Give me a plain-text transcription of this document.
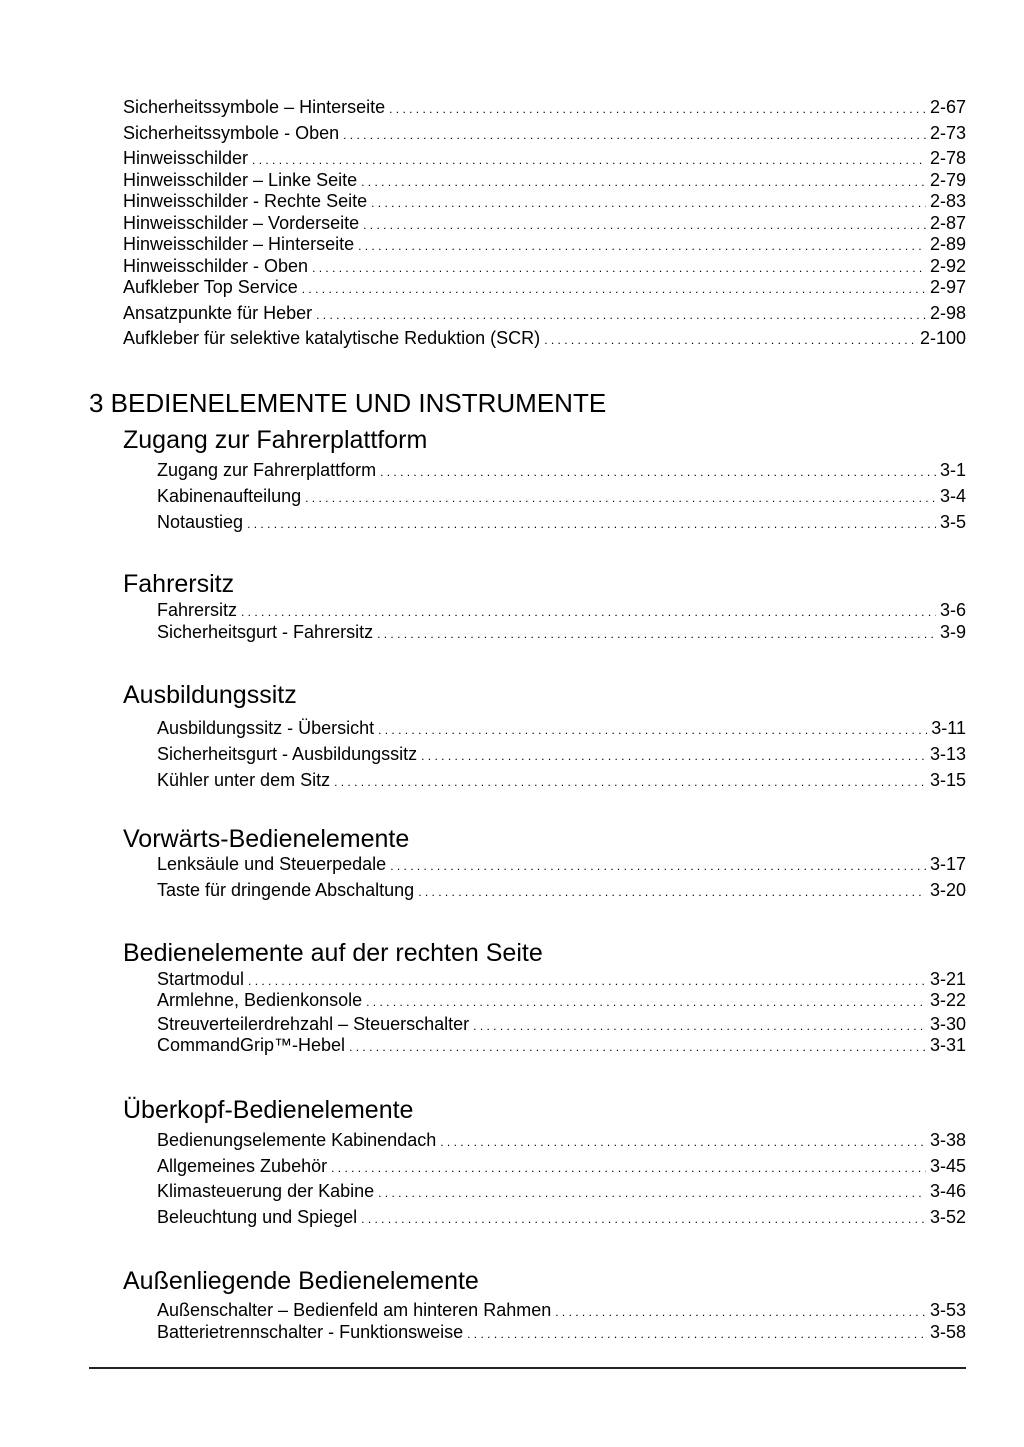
Sicherheitssymbole – Hinterseite . . .	2-67
Sicherheitssymbole - Oben . . .	2-73
Hinweisschilder . . .	2-78
Hinweisschilder – Linke Seite . . .	2-79
Hinweisschilder - Rechte Seite . . .	2-83
Hinweisschilder – Vorderseite . . .	2-87
Hinweisschilder – Hinterseite . . .	2-89
Hinweisschilder - Oben . . .	2-92
Aufkleber Top Service . . .	2-97
Ansatzpunkte für Heber . . .	2-98
Aufkleber für selektive katalytische Reduktion (SCR) . . .	2-100
3 BEDIENELEMENTE UND INSTRUMENTE
Zugang zur Fahrerplattform
Zugang zur Fahrerplattform . . .	3-1
Kabinenaufteilung . . .	3-4
Notaustieg . . .	3-5
Fahrersitz
Fahrersitz . . .	3-6
Sicherheitsgurt - Fahrersitz . . .	3-9
Ausbildungssitz
Ausbildungssitz - Übersicht . . .	3-11
Sicherheitsgurt - Ausbildungssitz . . .	3-13
Kühler unter dem Sitz . . .	3-15
Vorwärts-Bedienelemente
Lenksäule und Steuerpedale . . .	3-17
Taste für dringende Abschaltung . . .	3-20
Bedienelemente auf der rechten Seite
Startmodul . . .	3-21
Armlehne, Bedienkonsole . . .	3-22
Streuverteilerdrehzahl – Steuerschalter . . .	3-30
CommandGrip™-Hebel . . .	3-31
Überkopf-Bedienelemente
Bedienungselemente Kabinendach . . .	3-38
Allgemeines Zubehör . . .	3-45
Klimasteuerung der Kabine . . .	3-46
Beleuchtung und Spiegel . . .	3-52
Außenliegende Bedienelemente
Außenschalter – Bedienfeld am hinteren Rahmen . . .	3-53
Batterietrennschalter - Funktionsweise . . .	3-58
